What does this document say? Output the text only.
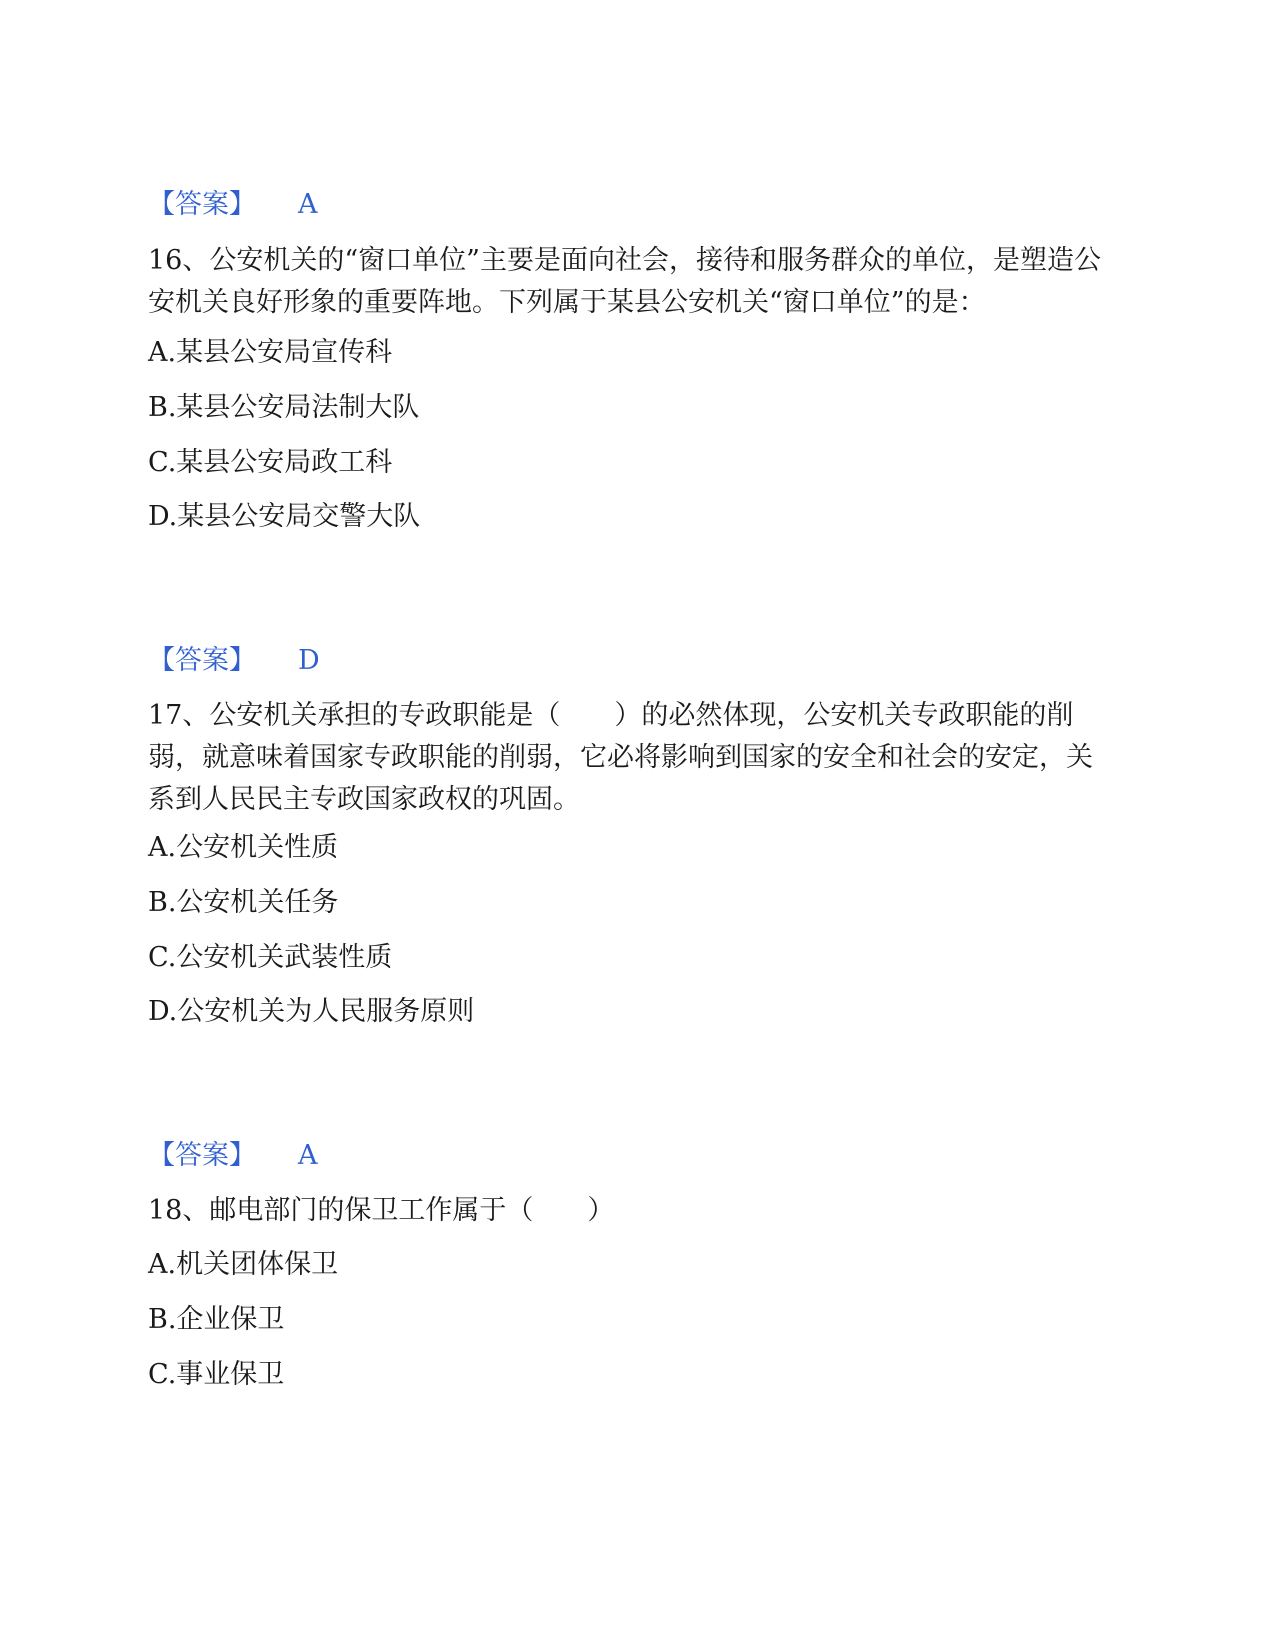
【答案】 A

16、公安机关的“窗口单位”主要是面向社会，接待和服务群众的单位，是塑造公安机关良好形象的重要阵地。下列属于某县公安机关“窗口单位”的是：

A.某县公安局宣传科
B.某县公安局法制大队
C.某县公安局政工科
D.某县公安局交警大队
【答案】 D

17、公安机关承担的专政职能是（　　）的必然体现，公安机关专政职能的削弱，就意味着国家专政职能的削弱，它必将影响到国家的安全和社会的安定，关系到人民民主专政国家政权的巩固。

A.公安机关性质
B.公安机关任务
C.公安机关武装性质
D.公安机关为人民服务原则
【答案】 A

18、邮电部门的保卫工作属于（　　）

A.机关团体保卫
B.企业保卫
C.事业保卫
